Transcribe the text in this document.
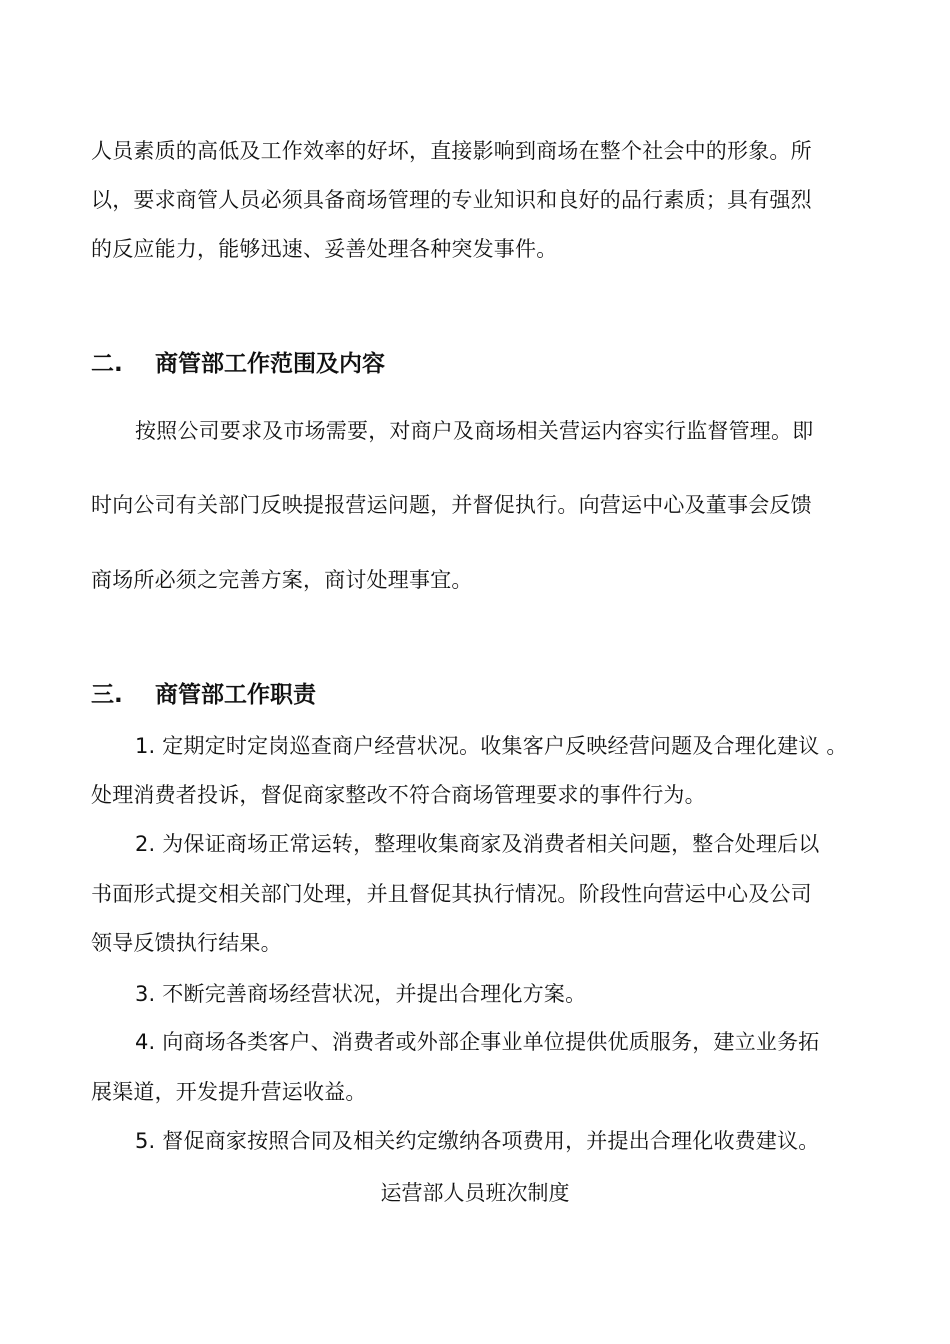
人员素质的高低及工作效率的好坏，直接影响到商场在整个社会中的形象。所
以，要求商管人员必须具备商场管理的专业知识和良好的品行素质；具有强烈
的反应能力，能够迅速、妥善处理各种突发事件。
二. 商管部工作范围及内容
按照公司要求及市场需要，对商户及商场相关营运内容实行监督管理。即
时向公司有关部门反映提报营运问题，并督促执行。向营运中心及董事会反馈
商场所必须之完善方案，商讨处理事宜。
三. 商管部工作职责
1. 定期定时定岗巡查商户经营状况。收集客户反映经营问题及合理化建议 。
处理消费者投诉，督促商家整改不符合商场管理要求的事件行为。
2. 为保证商场正常运转，整理收集商家及消费者相关问题，整合处理后以
书面形式提交相关部门处理，并且督促其执行情况。阶段性向营运中心及公司
领导反馈执行结果。
3. 不断完善商场经营状况，并提出合理化方案。
4. 向商场各类客户、消费者或外部企事业单位提供优质服务，建立业务拓
展渠道，开发提升营运收益。
5. 督促商家按照合同及相关约定缴纳各项费用，并提出合理化收费建议。
运营部人员班次制度
